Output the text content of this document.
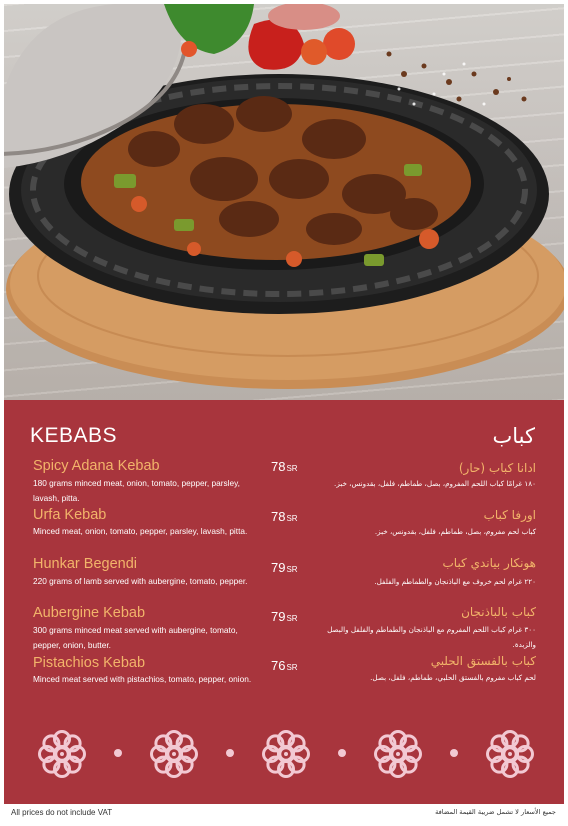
KEBABS	كباب
Spicy Adana Kebab	78SR
180 grams minced meat, onion, tomato, pepper, parsley, lavash, pitta.
ادانا كباب (حار)
١٨٠ غرامًا كباب اللحم المفروم، بصل، طماطم، فلفل، بقدونس، خبز.
Urfa Kebab	78SR
Minced meat, onion, tomato, pepper, parsley, lavash, pitta.
اورفا كباب
كباب لحم مفروم، بصل، طماطم، فلفل، بقدونس، خبز.
Hunkar Begendi	79SR
220 grams of lamb served with aubergine, tomato, pepper.
هونكار بياندي كباب
٢٢٠ غرام لحم خروف مع الباذنجان والطماطم والفلفل.
Aubergine Kebab	79SR
300 grams minced meat served with aubergine, tomato, pepper, onion, butter.
كباب بالباذنجان
٣٠٠ غرام كباب اللحم المفروم مع الباذنجان والطماطم والفلفل والبصل والزبدة.
Pistachios Kebab	76SR
Minced meat served with pistachios, tomato, pepper, onion.
كباب بالفستق الحلبي
لحم كباب مفروم بالفستق الحلبي، طماطم، فلفل، بصل.
All prices do not include VAT	جميع الأسعار لا تشمل ضريبة القيمة المضافة
